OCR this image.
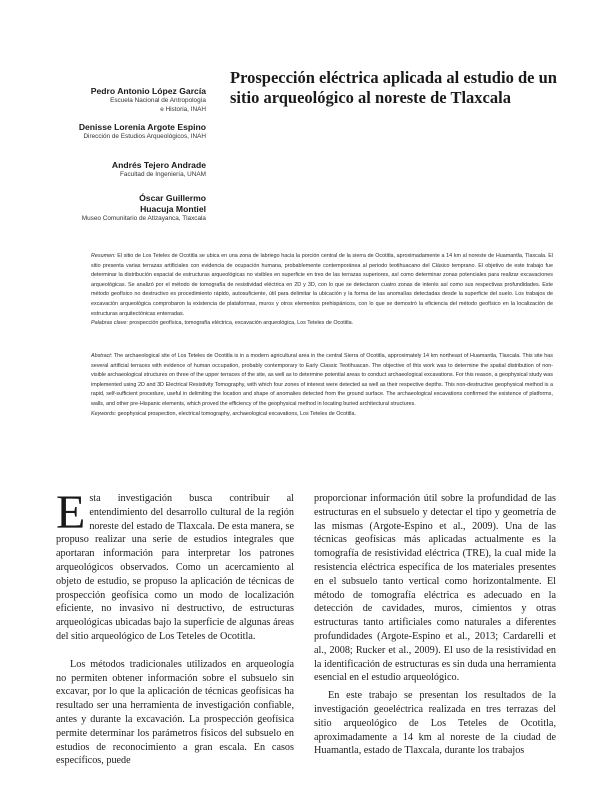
Pedro Antonio López García
Escuela Nacional de Antropología
e Historia, INAH
Denisse Lorenia Argote Espino
Dirección de Estudios Arqueológicos, INAH
Andrés Tejero Andrade
Facultad de Ingeniería, UNAM
Óscar Guillermo
Huacuja Montiel
Museo Comunitario de Atlzayanca, Tlaxcala
Prospección eléctrica aplicada al estudio de un sitio arqueológico al noreste de Tlaxcala

Resumen: El sitio de Los Teteles de Ocotitla se ubica en una zona de labriego hacia la porción central de la sierra de Ocotitla, aproximadamente a 14 km al noreste de Huamantla, Tlaxcala. El sitio presenta varias terrazas artificiales con evidencia de ocupación humana, probablemente contemporánea al periodo teotihuacano del Clásico temprano. El objetivo de este trabajo fue determinar la distribución espacial de estructuras arqueológicas no visibles en superficie en tres de las terrazas superiores, así como determinar zonas potenciales para realizar excavaciones arqueológicas. Se analizó por el método de tomografía de resistividad eléctrica en 2D y 3D, con lo que se detectaron cuatro zonas de interés así como sus respectivas profundidades. Este método geofísico no destructivo es procedimiento rápido, autosuficiente, útil para delimitar la ubicación y la forma de las anomalías detectadas desde la superficie del suelo. Los trabajos de excavación arqueológica comprobaron la existencia de plataformas, muros y otros elementos prehispánicos, con lo que se demostró la eficiencia del método geofísico en la localización de estructuras arquitectónicas enterradas.

Palabras clave: prospección geofísica, tomografía eléctrica, excavación arqueológica, Los Teteles de Ocotitla.

Abstract: The archaeological site of Los Teteles de Ocotitla is in a modern agricultural area in the central Sierra of Ocotitla, approximately 14 km northeast of Huamantla, Tlaxcala. This site has several artificial terraces with evidence of human occupation, probably contemporary to Early Classic Teotihuacan. The objective of this work was to determine the spatial distribution of non-visible archaeological structures on three of the upper terraces of the site, as well as to determine potential areas to conduct archaeological excavations. For this reason, a geophysical study was implemented using 2D and 3D Electrical Resistivity Tomography, with which four zones of interest were detected as well as their respective depths. This non-destructive geophysical method is a rapid, self-sufficient procedure, useful in delimiting the location and shape of anomalies detected from the ground surface. The archaeological excavations confirmed the existence of platforms, walls, and other pre-Hispanic elements, which proved the efficiency of the geophysical method in locating buried architectural structures.

Keywords: geophysical prospection, electrical tomography, archaeological excavations, Los Teteles de Ocotitla.

Esta investigación busca contribuir al entendimiento del desarrollo cultural de la región noreste del estado de Tlaxcala. De esta manera, se propuso realizar una serie de estudios integrales que aportaran información para interpretar los patrones arqueológicos observados. Como un acercamiento al objeto de estudio, se propuso la aplicación de técnicas de prospección geofísica como un modo de localización eficiente, no invasivo ni destructivo, de estructuras arqueológicas ubicadas bajo la superficie de algunas áreas del sitio arqueológico de Los Teteles de Ocotitla.

Los métodos tradicionales utilizados en arqueología no permiten obtener información sobre el subsuelo sin excavar, por lo que la aplicación de técnicas geofísicas ha resultado ser una herramienta de investigación confiable, antes y durante la excavación. La prospección geofísica permite determinar los parámetros físicos del subsuelo en estudios de reconocimiento a gran escala. En casos específicos, puede

proporcionar información útil sobre la profundidad de las estructuras en el subsuelo y detectar el tipo y geometría de las mismas (Argote-Espino et al., 2009). Una de las técnicas geofísicas más aplicadas actualmente es la tomografía de resistividad eléctrica (TRE), la cual mide la resistencia eléctrica específica de los materiales presentes en el subsuelo tanto vertical como horizontalmente. El método de tomografía eléctrica es adecuado en la detección de cavidades, muros, cimientos y otras estructuras tanto artificiales como naturales a diferentes profundidades (Argote-Espino et al., 2013; Cardarelli et al., 2008; Rucker et al., 2009). El uso de la resistividad en la identificación de estructuras es sin duda una herramienta esencial en el estudio arqueológico.

En este trabajo se presentan los resultados de la investigación geoeléctrica realizada en tres terrazas del sitio arqueológico de Los Teteles de Ocotitla, aproximadamente a 14 km al noreste de la ciudad de Huamantla, estado de Tlaxcala, durante los trabajos
